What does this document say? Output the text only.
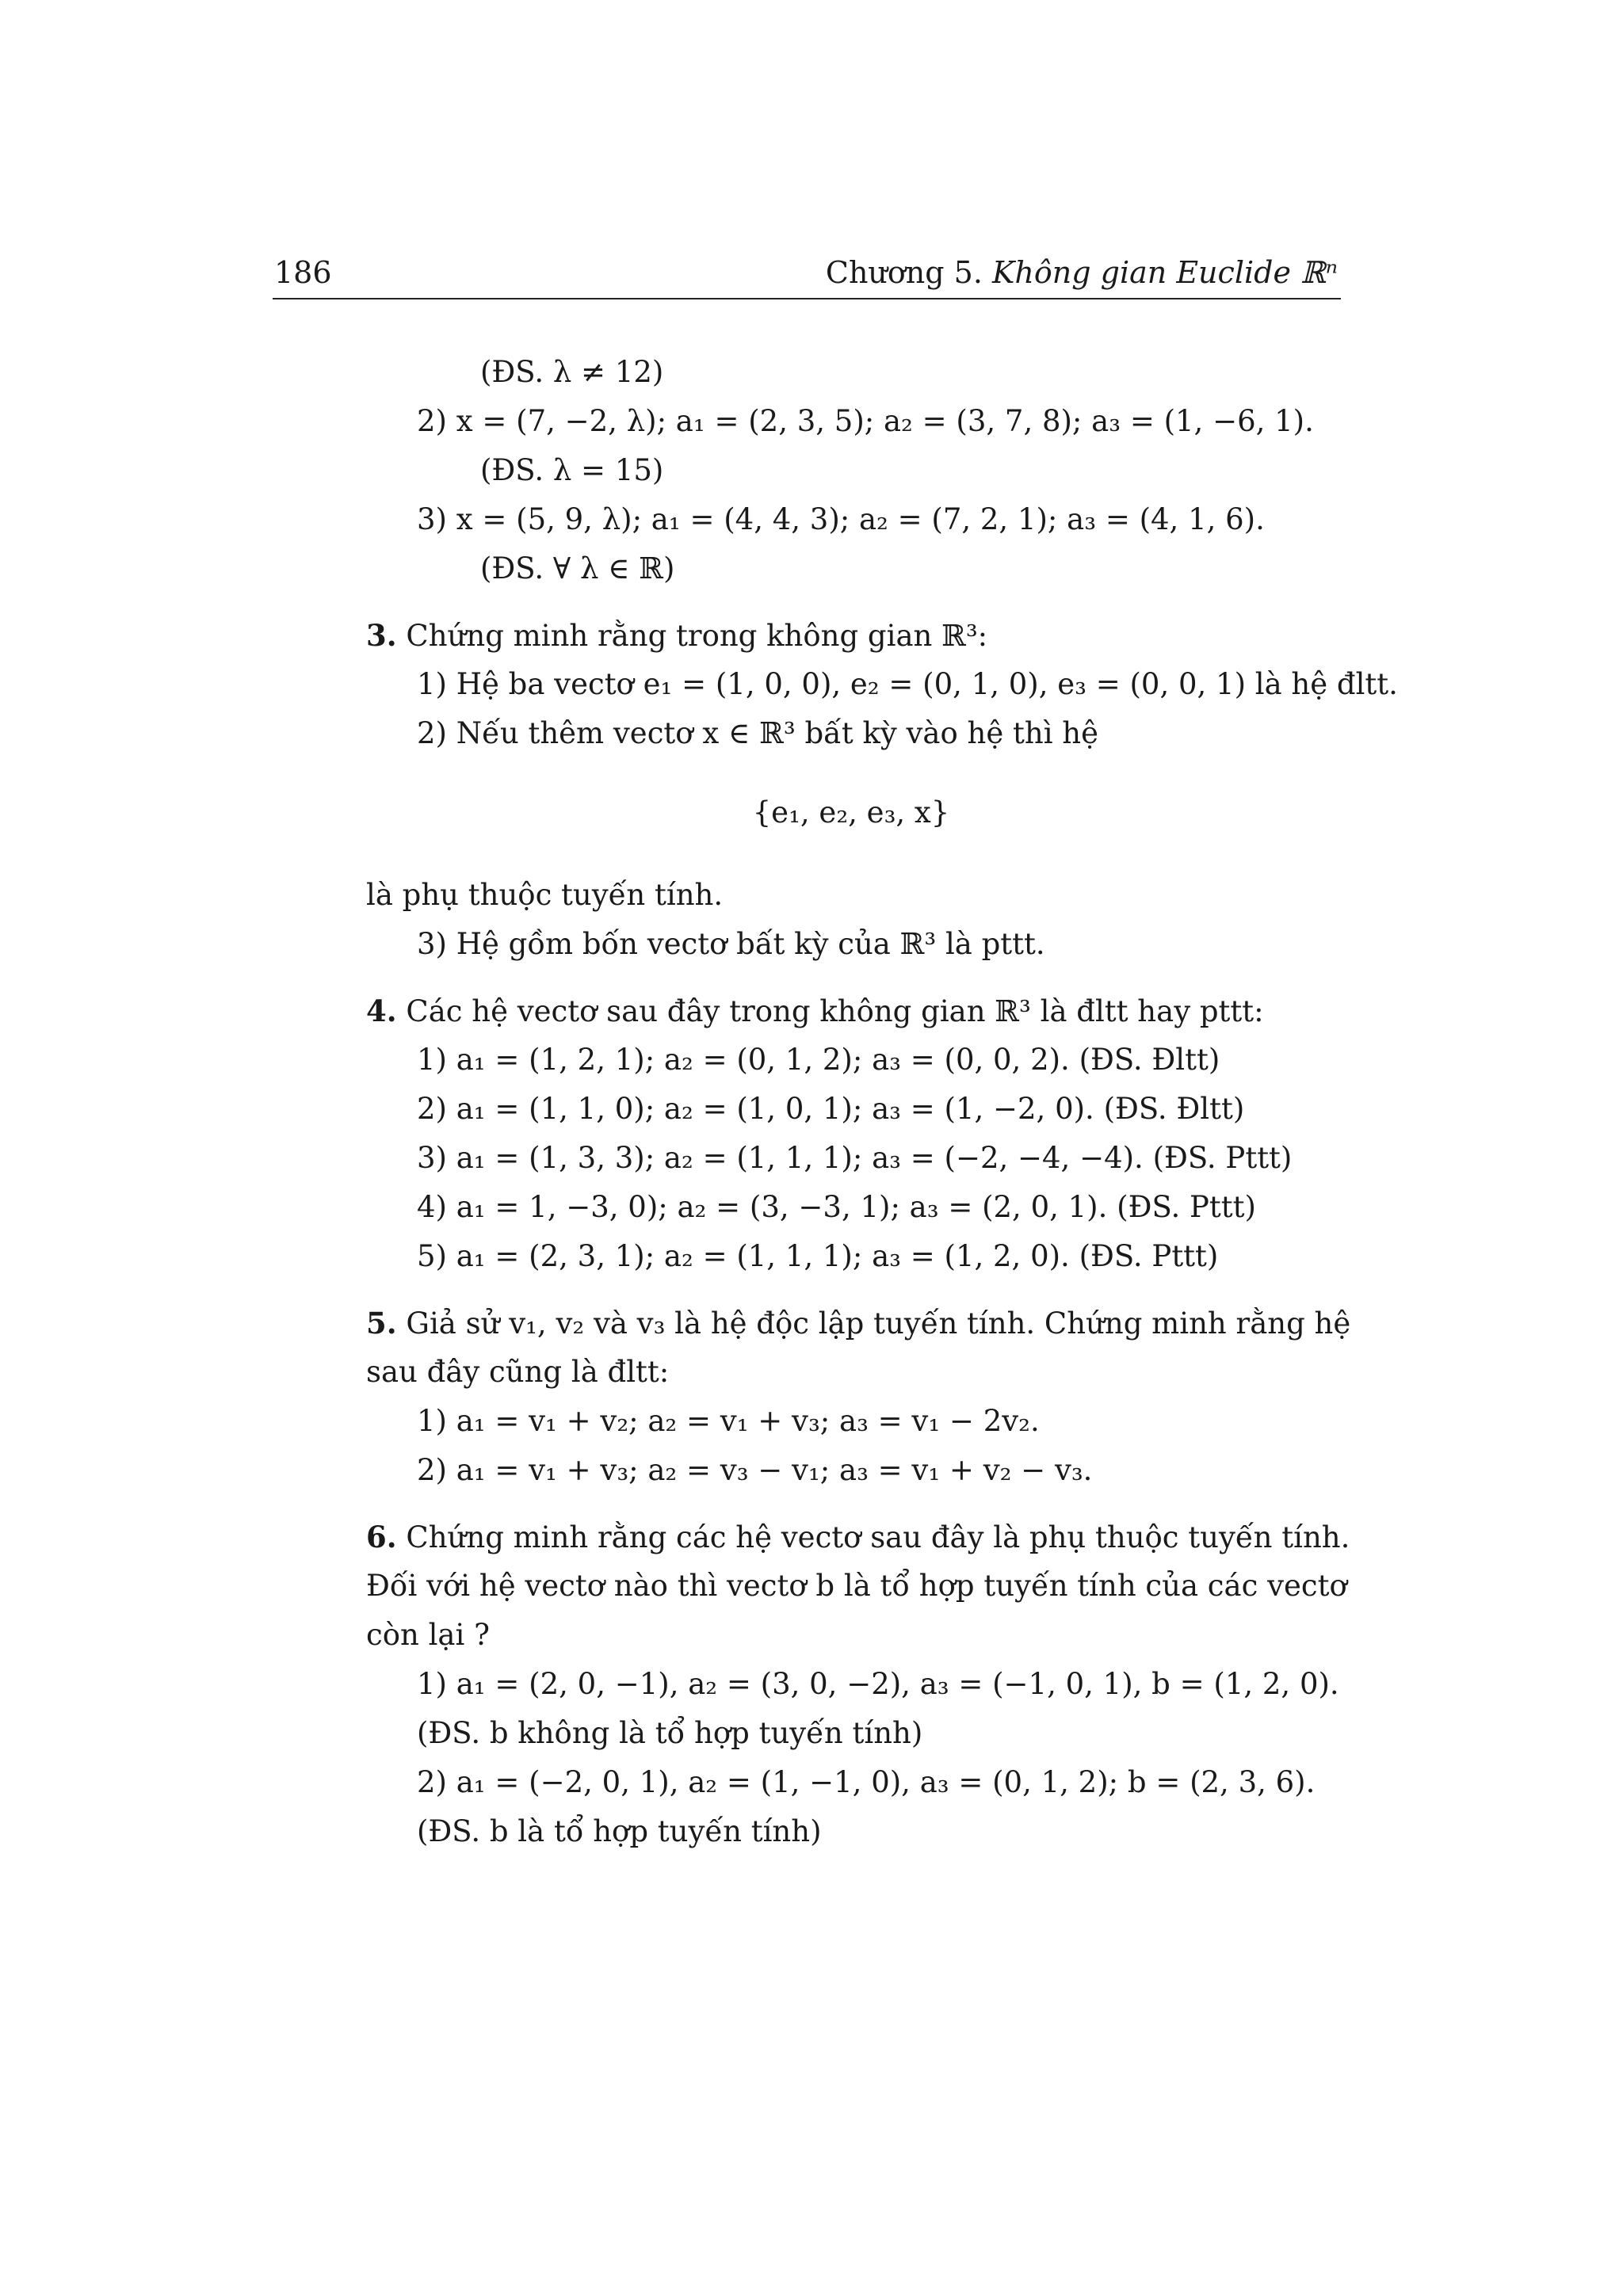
186	Chương 5. Không gian Euclide ℝⁿ
(ĐS. λ ≠ 12)
2) x = (7, −2, λ); a₁ = (2, 3, 5); a₂ = (3, 7, 8); a₃ = (1, −6, 1).
(ĐS. λ = 15)
3) x = (5, 9, λ); a₁ = (4, 4, 3); a₂ = (7, 2, 1); a₃ = (4, 1, 6).
(ĐS. ∀ λ ∈ ℝ)
3. Chứng minh rằng trong không gian ℝ³:
1) Hệ ba vectơ e₁ = (1, 0, 0), e₂ = (0, 1, 0), e₃ = (0, 0, 1) là hệ đltt.
2) Nếu thêm vectơ x ∈ ℝ³ bất kỳ vào hệ thì hệ
{e₁, e₂, e₃, x}
là phụ thuộc tuyến tính.
3) Hệ gồm bốn vectơ bất kỳ của ℝ³ là pttt.
4. Các hệ vectơ sau đây trong không gian ℝ³ là đltt hay pttt:
1) a₁ = (1, 2, 1); a₂ = (0, 1, 2); a₃ = (0, 0, 2). (ĐS. Đltt)
2) a₁ = (1, 1, 0); a₂ = (1, 0, 1); a₃ = (1, −2, 0). (ĐS. Đltt)
3) a₁ = (1, 3, 3); a₂ = (1, 1, 1); a₃ = (−2, −4, −4). (ĐS. Pttt)
4) a₁ = 1, −3, 0); a₂ = (3, −3, 1); a₃ = (2, 0, 1). (ĐS. Pttt)
5) a₁ = (2, 3, 1); a₂ = (1, 1, 1); a₃ = (1, 2, 0). (ĐS. Pttt)
5. Giả sử v₁, v₂ và v₃ là hệ độc lập tuyến tính. Chứng minh rằng hệ
sau đây cũng là đltt:
1) a₁ = v₁ + v₂; a₂ = v₁ + v₃; a₃ = v₁ − 2v₂.
2) a₁ = v₁ + v₃; a₂ = v₃ − v₁; a₃ = v₁ + v₂ − v₃.
6. Chứng minh rằng các hệ vectơ sau đây là phụ thuộc tuyến tính.
Đối với hệ vectơ nào thì vectơ b là tổ hợp tuyến tính của các vectơ
còn lại ?
1) a₁ = (2, 0, −1), a₂ = (3, 0, −2), a₃ = (−1, 0, 1), b = (1, 2, 0).
(ĐS. b không là tổ hợp tuyến tính)
2) a₁ = (−2, 0, 1), a₂ = (1, −1, 0), a₃ = (0, 1, 2); b = (2, 3, 6).
(ĐS. b là tổ hợp tuyến tính)
